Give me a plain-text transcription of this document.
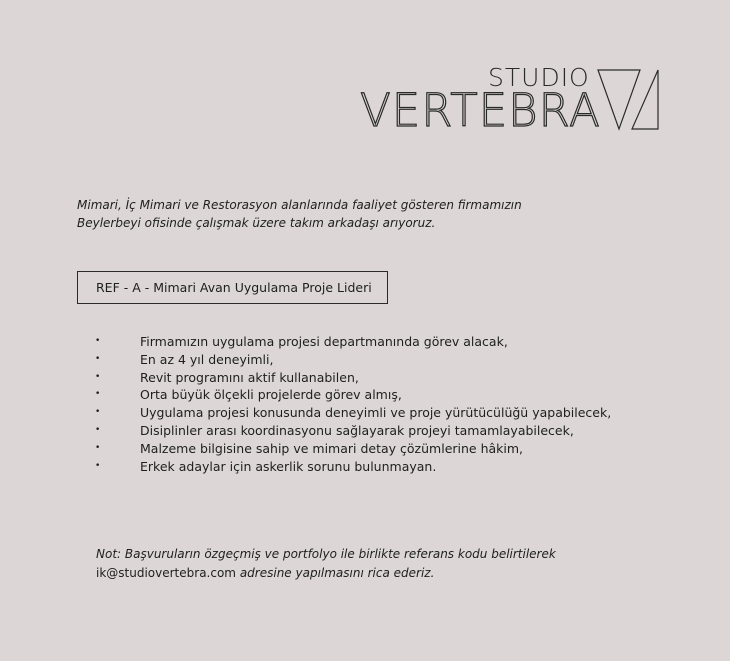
STUDIO
VERTEBRA

Mimari, İç Mimari ve Restorasyon alanlarında faaliyet gösteren firmamızın

Beylerbeyi ofisinde çalışmak üzere takım arkadaşı arıyoruz.

REF - A - Mimari Avan Uygulama Proje Lideri
•	Firmamızın uygulama projesi departmanında görev alacak,
•	En az 4 yıl deneyimli,
•	Revit programını aktif kullanabilen,
•	Orta büyük ölçekli projelerde görev almış,
•	Uygulama projesi konusunda deneyimli ve proje yürütücülüğü yapabilecek,
•	Disiplinler arası koordinasyonu sağlayarak projeyi tamamlayabilecek,
•	Malzeme bilgisine sahip ve mimari detay çözümlerine hâkim,
•	Erkek adaylar için askerlik sorunu bulunmayan.

Not: Başvuruların özgeçmiş ve portfolyo ile birlikte referans kodu belirtilerek

ik@studiovertebra.com adresine yapılmasını rica ederiz.
